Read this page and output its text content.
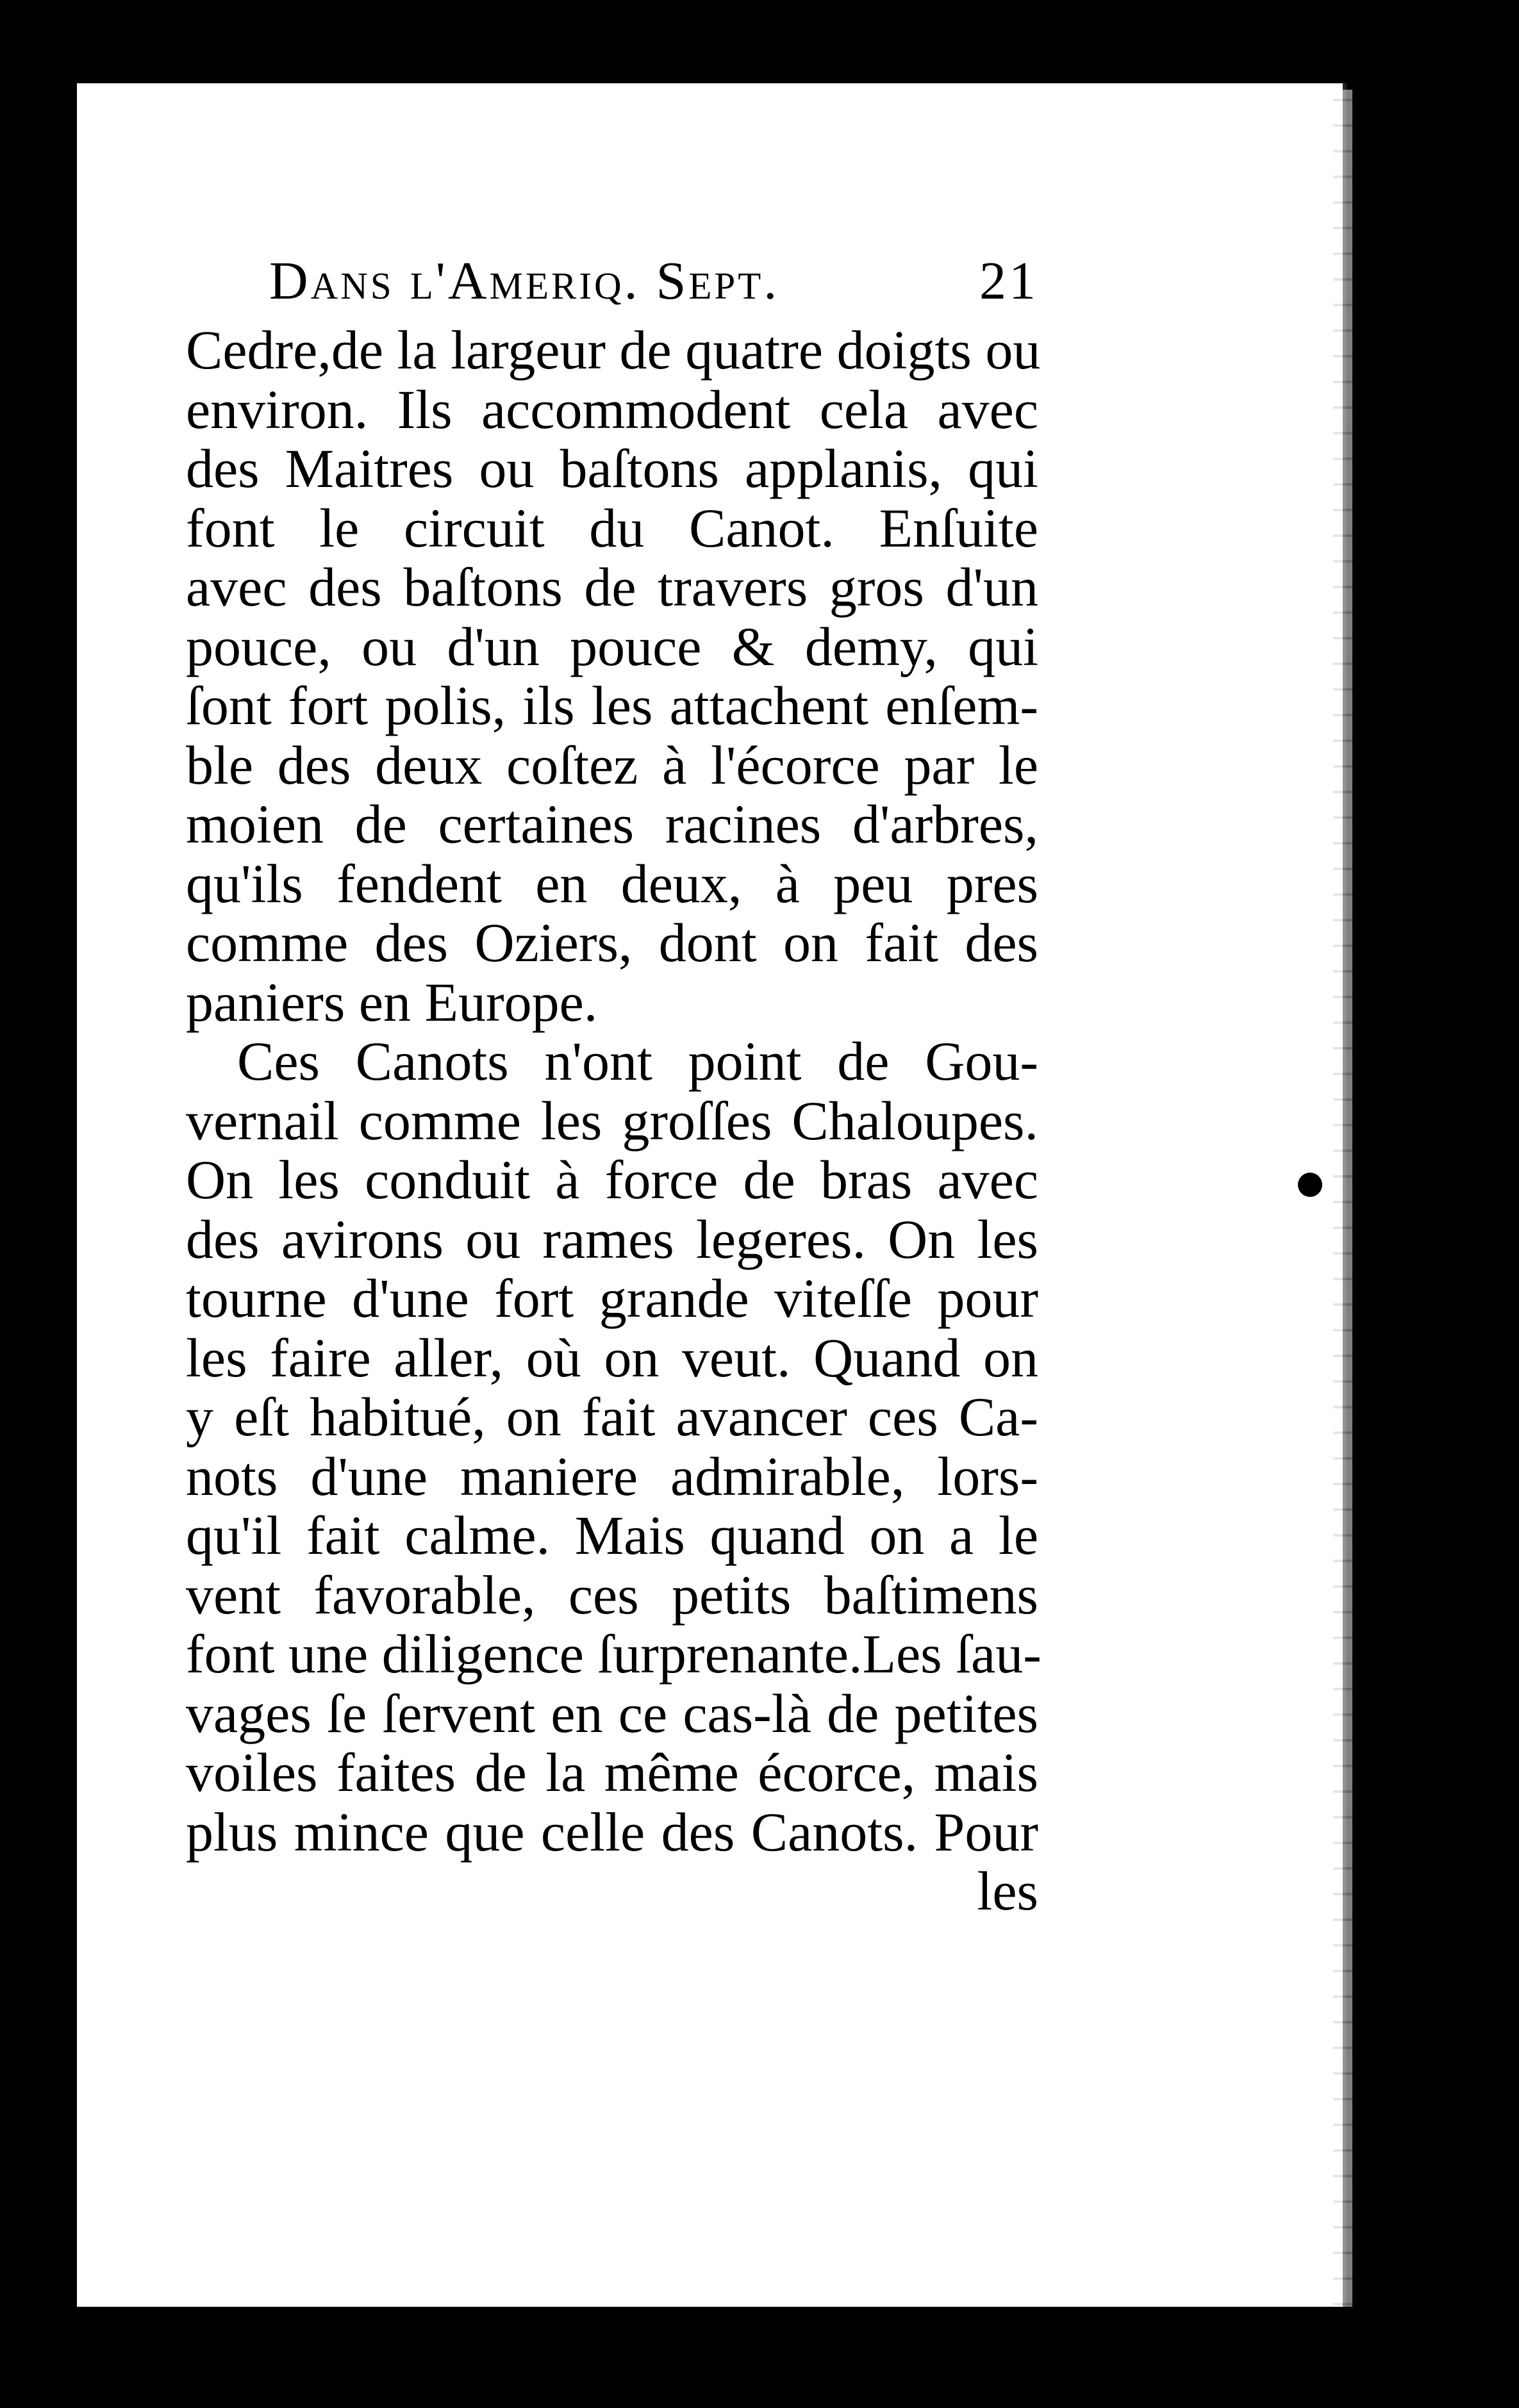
Dans l'Ameriq. Sept.	21
Cedre,de la largeur de quatre doigts ou
environ. Ils accommodent cela avec
des Maitres ou baſtons applanis, qui
font le circuit du Canot. Enſuite
avec des baſtons de travers gros d'un
pouce, ou d'un pouce & demy, qui
ſont fort polis, ils les attachent enſem-
ble des deux coſtez à l'écorce par le
moien de certaines racines d'arbres,
qu'ils fendent en deux, à peu pres
comme des Oziers, dont on fait des
paniers en Europe.
Ces Canots n'ont point de Gou-
vernail comme les groſſes Chaloupes.
On les conduit à force de bras avec
des avirons ou rames legeres. On les
tourne d'une fort grande viteſſe pour
les faire aller, où on veut. Quand on
y eſt habitué, on fait avancer ces Ca-
nots d'une maniere admirable, lors-
qu'il fait calme. Mais quand on a le
vent favorable, ces petits baſtimens
font une diligence ſurprenante.Les ſau-
vages ſe ſervent en ce cas-là de petites
voiles faites de la même écorce, mais
plus mince que celle des Canots. Pour
les
